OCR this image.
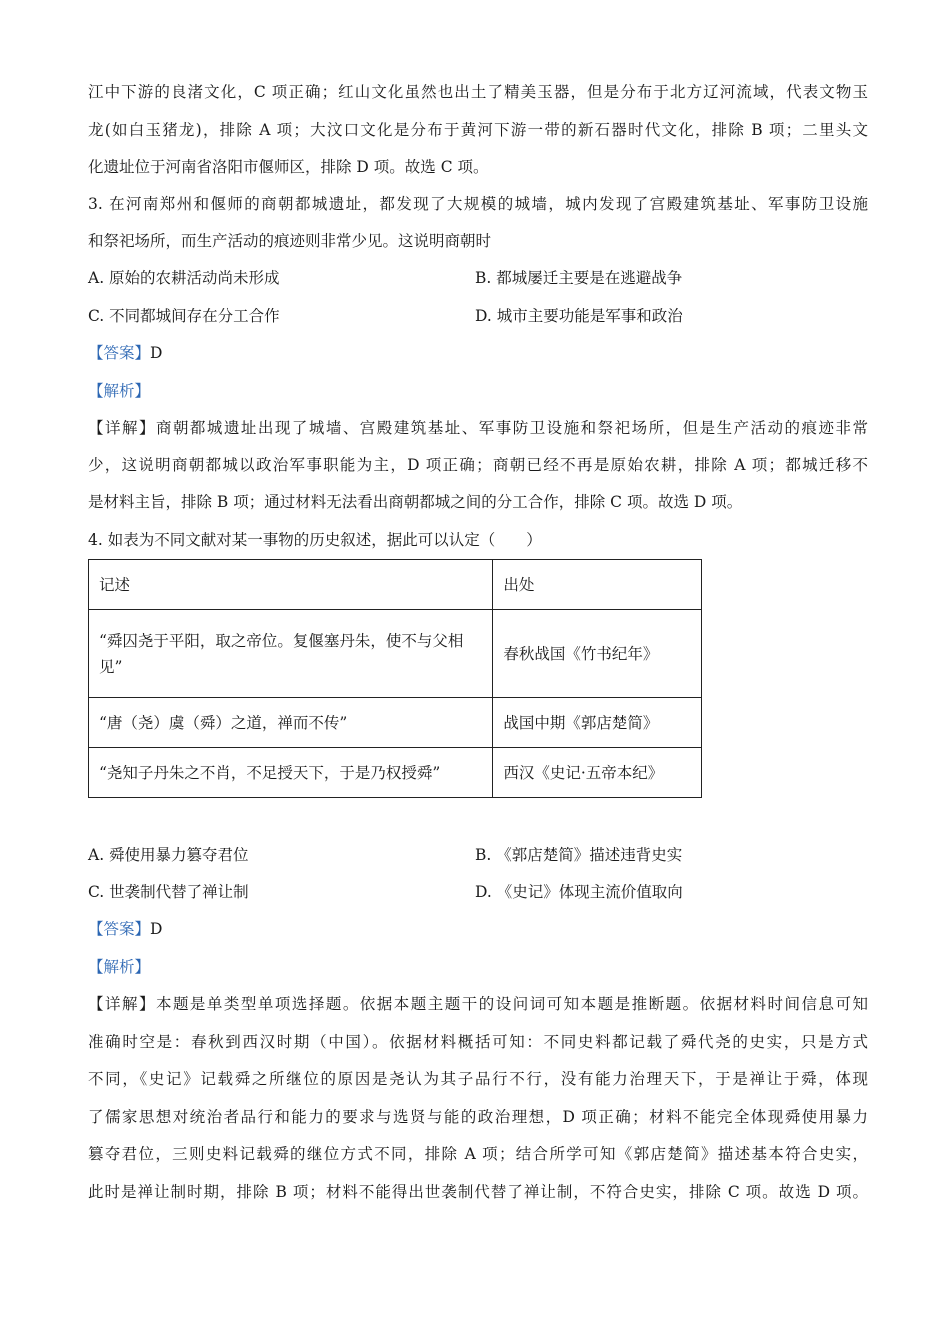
江中下游的良渚文化，C 项正确；红山文化虽然也出土了精美玉器，但是分布于北方辽河流域，代表文物玉
龙(如白玉猪龙)，排除 A 项；大汶口文化是分布于黄河下游一带的新石器时代文化，排除 B 项；二里头文
化遗址位于河南省洛阳市偃师区，排除 D 项。故选 C 项。
3. 在河南郑州和偃师的商朝都城遗址，都发现了大规模的城墙，城内发现了宫殿建筑基址、军事防卫设施
和祭祀场所，而生产活动的痕迹则非常少见。这说明商朝时
A. 原始的农耕活动尚未形成	B. 都城屡迁主要是在逃避战争
C. 不同都城间存在分工合作	D. 城市主要功能是军事和政治
【答案】D
【解析】
【详解】商朝都城遗址出现了城墙、宫殿建筑基址、军事防卫设施和祭祀场所，但是生产活动的痕迹非常
少，这说明商朝都城以政治军事职能为主，D 项正确；商朝已经不再是原始农耕，排除 A 项；都城迁移不
是材料主旨，排除 B 项；通过材料无法看出商朝都城之间的分工合作，排除 C 项。故选 D 项。
4. 如表为不同文献对某一事物的历史叙述，据此可以认定（　　）
记述	出处
“舜囚尧于平阳，取之帝位。复偃塞丹朱，使不与父相见”	春秋战国《竹书纪年》
“唐（尧）虞（舜）之道，禅而不传”	战国中期《郭店楚简》
“尧知子丹朱之不肖，不足授天下，于是乃权授舜”	西汉《史记·五帝本纪》
A. 舜使用暴力篡夺君位	B. 《郭店楚简》描述违背史实
C. 世袭制代替了禅让制	D. 《史记》体现主流价值取向
【答案】D
【解析】
【详解】本题是单类型单项选择题。依据本题主题干的设问词可知本题是推断题。依据材料时间信息可知
准确时空是：春秋到西汉时期（中国）。依据材料概括可知：不同史料都记载了舜代尧的史实，只是方式
不同，《史记》记载舜之所继位的原因是尧认为其子品行不行，没有能力治理天下，于是禅让于舜，体现
了儒家思想对统治者品行和能力的要求与选贤与能的政治理想，D 项正确；材料不能完全体现舜使用暴力
篡夺君位，三则史料记载舜的继位方式不同，排除 A 项；结合所学可知《郭店楚简》描述基本符合史实，
此时是禅让制时期，排除 B 项；材料不能得出世袭制代替了禅让制，不符合史实，排除 C 项。故选 D 项。
